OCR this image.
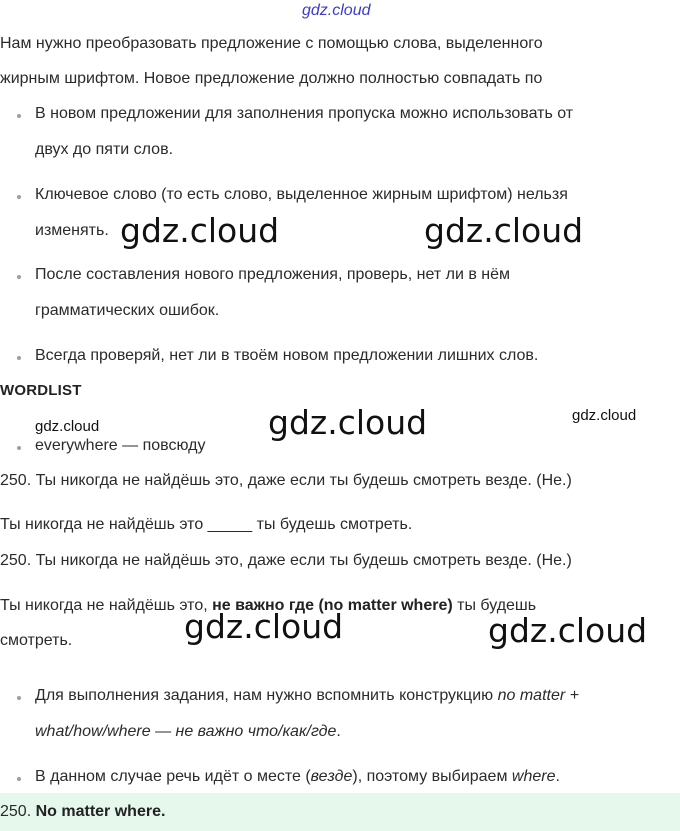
gdz.cloud
Нам нужно преобразовать предложение с помощью слова, выделенного
жирным шрифтом. Новое предложение должно полностью совпадать по
В новом предложении для заполнения пропуска можно использовать от
двух до пяти слов.
Ключевое слово (то есть слово, выделенное жирным шрифтом) нельзя
изменять.
После составления нового предложения, проверь, нет ли в нём
грамматических ошибок.
Всегда проверяй, нет ли в твоём новом предложении лишних слов.
gdz.cloud	gdz.cloud
WORDLIST
gdz.cloud	gdz.cloud	gdz.cloud
everywhere — повсюду
250. Ты никогда не найдёшь это, даже если ты будешь смотреть везде. (Не.)
Ты никогда не найдёшь это _____ ты будешь смотреть.
250. Ты никогда не найдёшь это, даже если ты будешь смотреть везде. (Не.)
Ты никогда не найдёшь это, не важно где (no matter where) ты будешь
смотреть.	gdz.cloud	gdz.cloud
Для выполнения задания, нам нужно вспомнить конструкцию no matter +
what/how/where — не важно что/как/где.
В данном случае речь идёт о месте (везде), поэтому выбираем where.
250. No matter where.
